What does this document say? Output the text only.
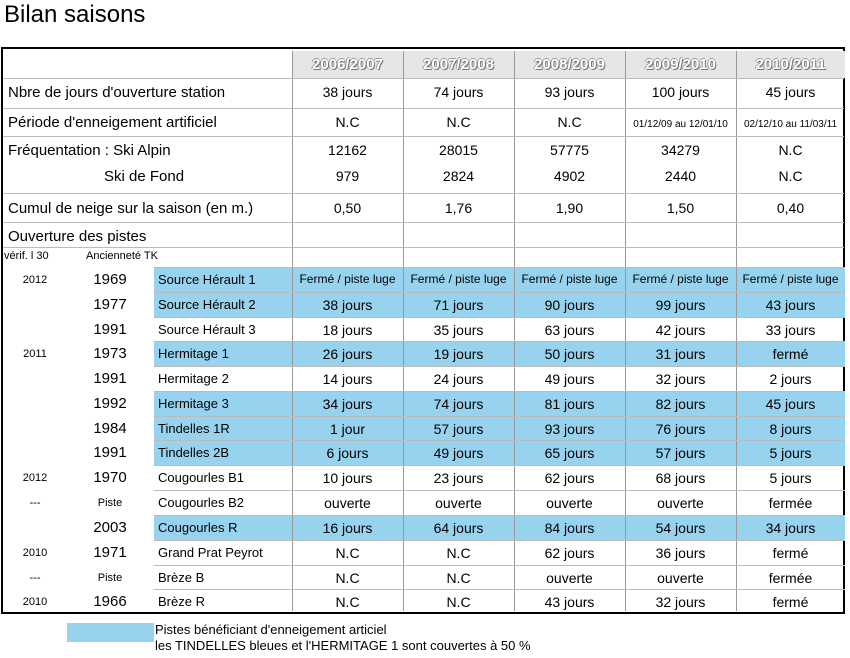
Bilan saisons
2006/2007	2007/2008	2008/2009	2009/2010	2010/2011
Nbre de jours d'ouverture station	38 jours	74 jours	93 jours	100 jours	45 jours
Période d'enneigement artificiel	N.C	N.C	N.C	01/12/09 au 12/01/10	02/12/10 au 11/03/11
Fréquentation : Ski Alpin	12162	28015	57775	34279	N.C
Ski de Fond	979	2824	4902	2440	N.C
Cumul de neige sur la saison (en m.)	0,50	1,76	1,90	1,50	0,40
Ouverture des pistes
vérif. l 30	Ancienneté TK
2012	1969	Source Hérault 1	Fermé / piste luge	Fermé / piste luge	Fermé / piste luge	Fermé / piste luge	Fermé / piste luge
1977	Source Hérault 2	38 jours	71 jours	90 jours	99 jours	43 jours
1991	Source Hérault 3	18 jours	35 jours	63 jours	42 jours	33 jours
2011	1973	Hermitage 1	26 jours	19 jours	50 jours	31 jours	fermé
1991	Hermitage 2	14 jours	24 jours	49 jours	32 jours	2 jours
1992	Hermitage 3	34 jours	74 jours	81 jours	82 jours	45 jours
1984	Tindelles 1R	1 jour	57 jours	93 jours	76 jours	8 jours
1991	Tindelles 2B	6 jours	49 jours	65 jours	57 jours	5 jours
2012	1970	Cougourles B1	10 jours	23 jours	62 jours	68 jours	5 jours
---	Piste	Cougourles B2	ouverte	ouverte	ouverte	ouverte	fermée
2003	Cougourles R	16 jours	64 jours	84 jours	54 jours	34 jours
2010	1971	Grand Prat Peyrot	N.C	N.C	62 jours	36 jours	fermé
---	Piste	Brèze B	N.C	N.C	ouverte	ouverte	fermée
2010	1966	Brèze R	N.C	N.C	43 jours	32 jours	fermé
Pistes bénéficiant d'enneigement articiel
les TINDELLES bleues et l'HERMITAGE 1 sont couvertes à 50 %
